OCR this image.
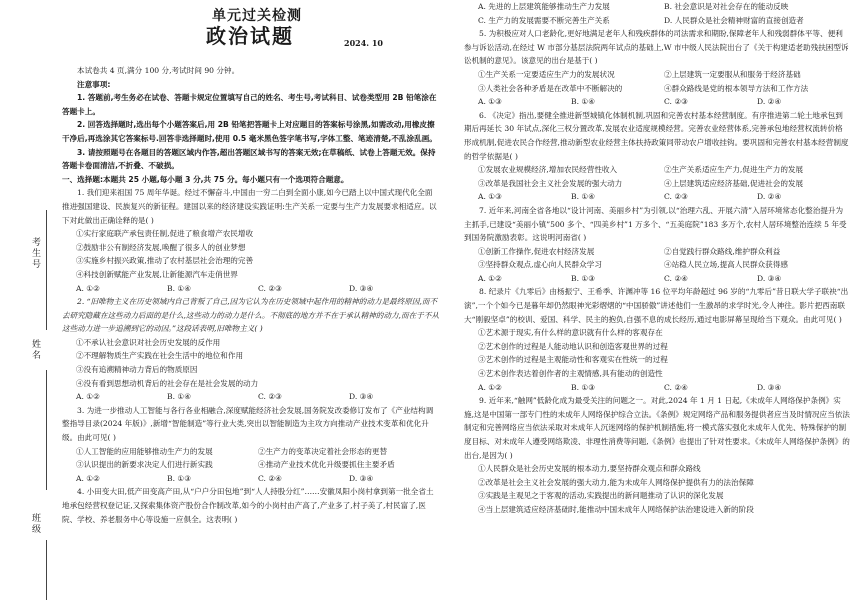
考生号
姓名
班级
单元过关检测
政治试题	2024. 10

本试卷共 4 页,满分 100 分,考试时间 90 分钟。

注意事项:

1. 答题前,考生务必在试卷、答题卡规定位置填写自己的姓名、考生号,考试科目、试卷类型用 2B 铅笔涂在答题卡上。

2. 回答选择题时,选出每个小题答案后,用 2B 铅笔把答题卡上对应题目的答案标号涂黑,如需改动,用橡皮擦干净后,再选涂其它答案标号.回答非选择题时,使用 0.5 毫米黑色签字笔书写,字体工整、笔迹清楚,不乱涂乱画。

3. 请按照题号在各题目的答题区域内作答,超出答题区域书写的答案无效;在草稿纸、试卷上答题无效。保持答题卡卷面清洁,不折叠、不破损。

一、选择题:本题共 25 小题,每小题 3 分,共 75 分。每小题只有一个选项符合题意。

1. 我们迎来祖国 75 周年华诞。经过不懈奋斗,中国由一穷二白到全面小康,如今已踏上以中国式现代化全面推进强国建设、民族复兴的新征程。建国以来的经济建设实践证明:生产关系一定要与生产力发展要求相适应。以下对此做出正确诠释的是( )

①实行家庭联产承包责任制,促进了粮食增产农民增收

②鼓励非公有制经济发展,唤醒了很多人的创业梦想

③实施乡村振兴政策,推动了农村基层社会治理的完善

④科技创新赋能产业发展,让新能源汽车走俏世界

A. ①②	B. ①④	C. ②③	D. ③④

2. “旧唯物主义在历史领域内自己背叛了自己,因为它认为在历史领域中起作用的精神的动力是最终原因,而不去研究隐藏在这些动力后面的是什么,这些动力的动力是什么。不彻底的地方并不在于承认精神的动力,而在于不从这些动力进一步追溯到它的动因。”这段话表明,旧唯物主义( )

①不承认社会意识对社会历史发展的反作用

②不理解物质生产实践在社会生活中的地位和作用

③没有追溯精神动力背后的物质原因

④没有看到思想动机背后的社会存在是社会发展的动力

A. ①②	B. ①④	C. ②③	D. ③④

3. 为进一步推动人工智能与各行各业相融合,深度赋能经济社会发展,国务院发改委修订发布了《产业结构调整指导目录(2024 年版)》,新增“智能制造”等行业大类,突出以智能制造为主攻方向推动产业技术变革和优化升级。由此可见( )

①人工智能的应用能够推动生产力的发展	②生产力的变革决定着社会形态的更替
③认识提出的新要求决定人们进行新实践	④推动产业技术优化升级要抓住主要矛盾
A. ①②	B. ①③	C. ②④	D. ③④

4. 小田变大田,低产田变高产田,从“户户分田包地”到“人人持股分红”……安徽凤阳小岗村拿到第一批全省土地承包经营权登记证,又探索集体资产股份合作制改革,如今的小岗村由产高了,产业多了,村子美了,村民富了,医院、学校、养老服务中心等设施一应俱全。这表明( )

A. 先进的上层建筑能够推动生产力发展	B. 社会意识是对社会存在的能动反映
C. 生产力的发展需要不断完善生产关系	D. 人民群众是社会精神财富的直接创造者

5. 为积极应对人口老龄化,更好地满足老年人和残疾群体的司法需求和期盼,保障老年人和残弱群体平等、便利参与诉讼活动,在经过 W 市部分基层法院两年试点的基础上,W 市中级人民法院出台了《关于构建适老助残扶困型诉讼机制的意见》。该意见的出台是基于( )

①生产关系一定要适应生产力的发展状况	②上层建筑一定要服从和服务于经济基础
③人类社会各种矛盾是在改革中不断解决的	④群众路线是党的根本领导方法和工作方法
A. ①③	B. ①④	C. ②③	D. ②④

6. 《决定》指出,要健全推进新型城镇化体制机制,巩固和完善农村基本经营制度。有序推进第二轮土地承包到期后再延长 30 年试点,深化三权分置改革,发展农业适度规模经营。完善农业经营体系,完善承包地经营权流转价格形成机制,促进农民合作经营,推动新型农业经营主体扶持政策同带动农户增收挂钩。要巩固和完善农村基本经营制度的哲学依据是( )

①发展农业规模经济,增加农民经营性收入	②生产关系适应生产力,促进生产力的发展
③改革是我国社会主义社会发展的强大动力	④上层建筑适应经济基础,促进社会的发展
A. ①③	B. ①④	C. ②③	D. ②④

7. 近年来,河南全省各地以“设计河南、美丽乡村”为引领,以“治理六乱、开展六清”入居环境常态化整治提升为主抓手,已建设“美丽小镇”500 多个、“四美乡村”1 万多个、“五美庭院”183 多万个,农村人居环境整治连续 5 年受到国务院激励表彰。这说明河南省( )

①创新工作操作,促进农村经济发展	②自觉践行群众路线,维护群众利益
③坚持群众观点,虚心向人民群众学习	④站稳人民立场,提高人民群众获得感
A. ①②	B. ①③	C. ②④	D. ③④

8. 纪录片《九零后》由杨振宁、王希季、许渊冲等 16 位平均年龄超过 96 岁的“九零后”昔日联大学子联袂“出演”,一个个如今已是暮年却仍然眼神光彩熠熠的“中国骄傲”讲述他们一生激昂的求学时光,令人神往。影片把西南联大“刚毅坚卓”的校训、爱国、科学、民主的抱负,自强不息的成长经历,通过电影屏幕呈现给当下观众。由此可见( )

①艺术源于现实,有什么样的意识就有什么样的客观存在

②艺术创作的过程是人能动地认识和创造客观世界的过程

③艺术创作的过程是主观能动性和客观实在性统一的过程

④艺术创作表达着创作者的主观情感,具有能动的创造性

A. ①②	B. ①③	C. ②④	D. ③④

9. 近年来,“触网”低龄化成为最受关注的问题之一。对此,2024 年 1 月 1 日起,《未成年人网络保护条例》实施,这是中国第一部专门性的未成年人网络保护综合立法。《条例》规定网络产品和服务提供者应当及时情况应当依法制定和完善网络应当依法采取对未成年人沉迷网络的保护机制措施,将一模式落实强化未成年人优先、特殊保护的制度目标、对未成年人遵受网络欺凌、非理性消费等问题,《条例》也提出了针对性要求。《未成年人网络保护条例》的出台,是因为( )

①人民群众是社会历史发展的根本动力,要坚持群众观点和群众路线

②改革是社会主义社会发展的强大动力,能为未成年人网络保护提供有力的法治保障

③实践是主观见之于客观的活动,实践提出的新问题推动了认识的深化发展

④当上层建筑适应经济基础时,能推动中国未成年人网络保护法治建设进入新的阶段
